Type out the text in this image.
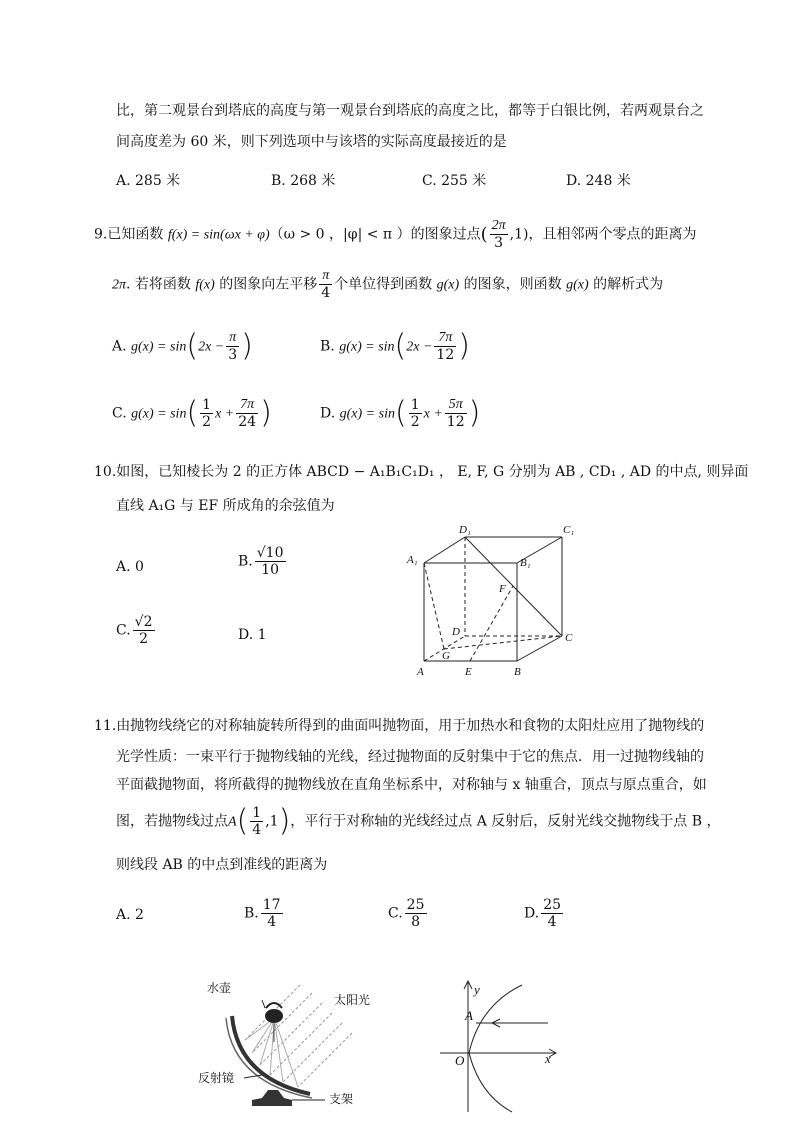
比，第二观景台到塔底的高度与第一观景台到塔底的高度之比，都等于白银比例，若两观景台之
间高度差为 60 米，则下列选项中与该塔的实际高度最接近的是
A. 285 米	B. 268 米	C. 255 米	D. 248 米
9.已知函数 f(x) = sin(ωx + φ)（ω > 0 ，|φ| < π ）的图象过点( $\frac{2\pi}{3} ,1$)，且相邻两个零点的距离为
2π. 若将函数 f(x) 的图象向左平移 $\frac{\pi}{4}$ 个单位得到函数 g(x) 的图象，则函数 g(x) 的解析式为
A. $g(x) = \sin(2x - \frac{\pi}{3}$ )	B. $g(x) = \sin(2x - \frac{7\pi}{12}$ )
C. $g(x) = \sin( \frac{1}{2}$ $x + \frac{7\pi}{24}$ )	D. $g(x) = \sin( \frac{1}{2}$ $x + \frac{5\pi}{12}$ )
10.如图，已知棱长为 2 的正方体 ABCD − A₁B₁C₁D₁ ， E, F, G 分别为 AB , CD₁ , AD 的中点, 则异面
直线 A₁G 与 EF 所成角的余弦值为
A. 0	B. $\frac{√10}{10}$
C. $\frac{√2}{2}$	D. 1
D₁	C₁
A₁	B₁
F
D	C
G
A	E	B
11.由抛物线绕它的对称轴旋转所得到的曲面叫抛物面，用于加热水和食物的太阳灶应用了抛物线的
光学性质：一束平行于抛物线轴的光线，经过抛物面的反射集中于它的焦点．用一过抛物线轴的
平面截抛物面，将所截得的抛物线放在直角坐标系中，对称轴与 x 轴重合，顶点与原点重合，如
图，若抛物线过点$A( \frac{1}{4} ,1)$，平行于对称轴的光线经过点 A 反射后，反射光线交抛物线于点 B ，
则线段 AB 的中点到准线的距离为
A. 2	B. $\frac{17}{4}$	C. $\frac{25}{8}$	D. $\frac{25}{4}$
水壶
太阳光
反射镜
支架
y
x
O
A
